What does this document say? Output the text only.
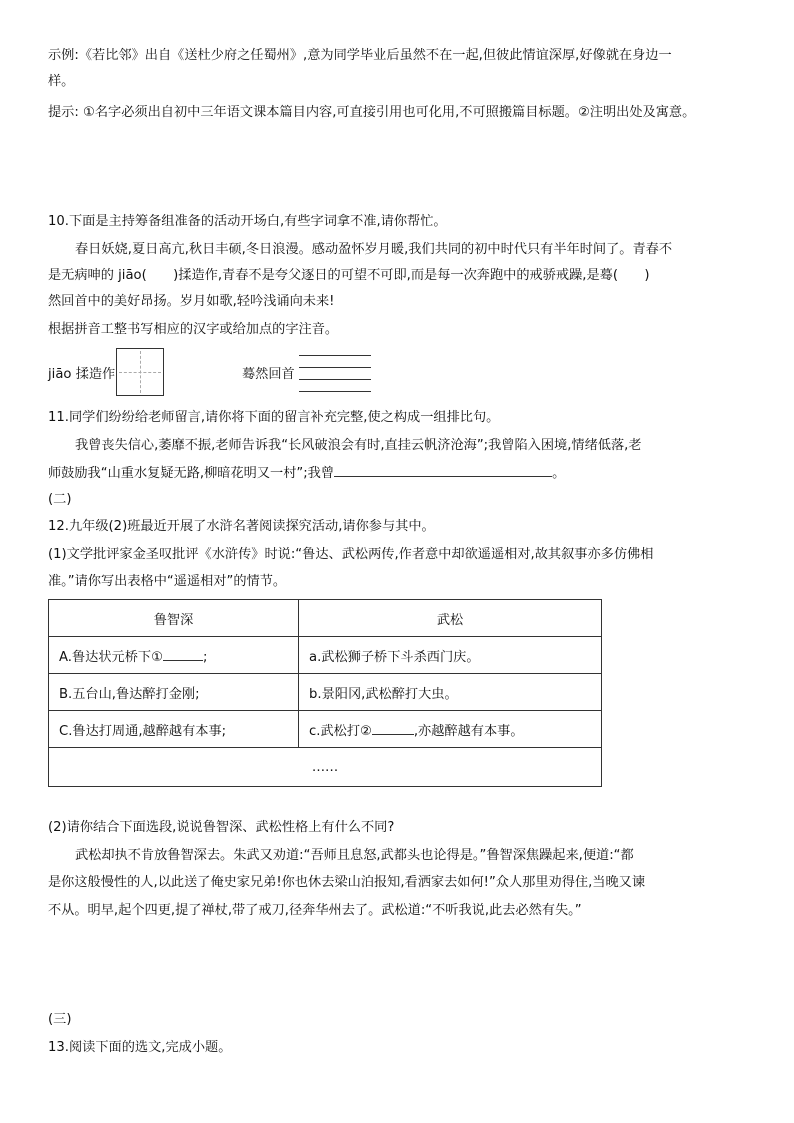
示例:《若比邻》出自《送杜少府之任蜀州》,意为同学毕业后虽然不在一起,但彼此情谊深厚,好像就在身边一
样。
提示: ①名字必须出自初中三年语文课本篇目内容,可直接引用也可化用,不可照搬篇目标题。②注明出处及寓意。
10.下面是主持筹备组准备的活动开场白,有些字词拿不准,请你帮忙。
春日妖娆,夏日高亢,秋日丰硕,冬日浪漫。感动盈怀岁月暖,我们共同的初中时代只有半年时间了。青春不
是无病呻的 jiāo(　　)揉造作,青春不是夸父逐日的可望不可即,而是每一次奔跑中的戒骄戒躁,是蓦(　　)
然回首中的美好昂扬。岁月如歌,轻吟浅诵向未来!
根据拼音工整书写相应的汉字或给加点的字注音。
jiāo 揉造作	蓦然回首
11.同学们纷纷给老师留言,请你将下面的留言补充完整,使之构成一组排比句。
我曾丧失信心,萎靡不振,老师告诉我“长风破浪会有时,直挂云帆济沧海”;我曾陷入困境,情绪低落,老
师鼓励我“山重水复疑无路,柳暗花明又一村”;我曾	。
(二)
12.九年级(2)班最近开展了水浒名著阅读探究活动,请你参与其中。
(1)文学批评家金圣叹批评《水浒传》时说:“鲁达、武松两传,作者意中却欲遥遥相对,故其叙事亦多仿佛相
准。”请你写出表格中“遥遥相对”的情节。
鲁智深	武松
A.鲁达状元桥下① ;	a.武松狮子桥下斗杀西门庆。
B.五台山,鲁达醉打金刚;	b.景阳冈,武松醉打大虫。
C.鲁达打周通,越醉越有本事;	c.武松打② ,亦越醉越有本事。
……	
(2)请你结合下面选段,说说鲁智深、武松性格上有什么不同?
武松却执不肯放鲁智深去。朱武又劝道:“吾师且息怒,武都头也论得是。”鲁智深焦躁起来,便道:“都
是你这般慢性的人,以此送了俺史家兄弟!你也休去梁山泊报知,看洒家去如何!”众人那里劝得住,当晚又谏
不从。明早,起个四更,提了禅杖,带了戒刀,径奔华州去了。武松道:“不听我说,此去必然有失。”
(三)
13.阅读下面的选文,完成小题。
